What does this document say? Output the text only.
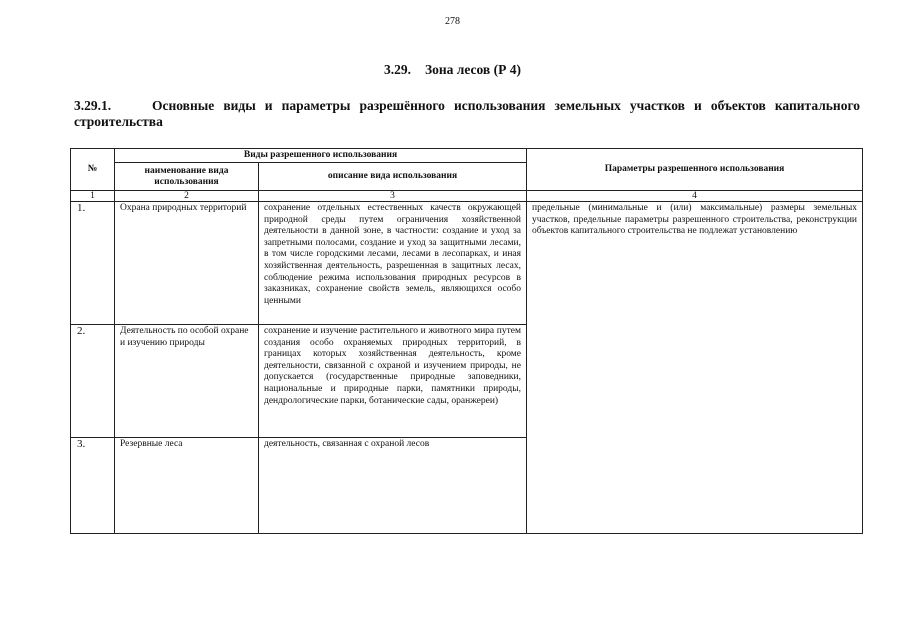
278
3.29. Зона лесов (Р 4)
3.29.1.	Основные виды и параметры разрешённого использования земельных участков и объектов капитального строительства
№	Виды разрешенного использования		Параметры разрешенного использования
	наименование вида использования	описание вида использования	
1	2	3	4
1.	Охрана природных территорий	сохранение отдельных естественных качеств окружающей природной среды путем ограничения хозяйственной деятельности в данной зоне, в частности: создание и уход за запретными полосами, создание и уход за защитными лесами, в том числе городскими лесами, лесами в лесопарках, и иная хозяйственная деятельность, разрешенная в защитных лесах, соблюдение режима использования природных ресурсов в заказниках, сохранение свойств земель, являющихся особо ценными	предельные (минимальные и (или) максимальные) размеры земельных участков, предельные параметры разрешенного строительства, реконструкции объектов капитального строительства не подлежат установлению
2.	Деятельность по особой охране и изучению природы	сохранение и изучение растительного и животного мира путем создания особо охраняемых природных территорий, в границах которых хозяйственная деятельность, кроме деятельности, связанной с охраной и изучением природы, не допускается (государственные природные заповедники, национальные и природные парки, памятники природы, дендрологические парки, ботанические сады, оранжереи)	
3.	Резервные леса	деятельность, связанная с охраной лесов	
